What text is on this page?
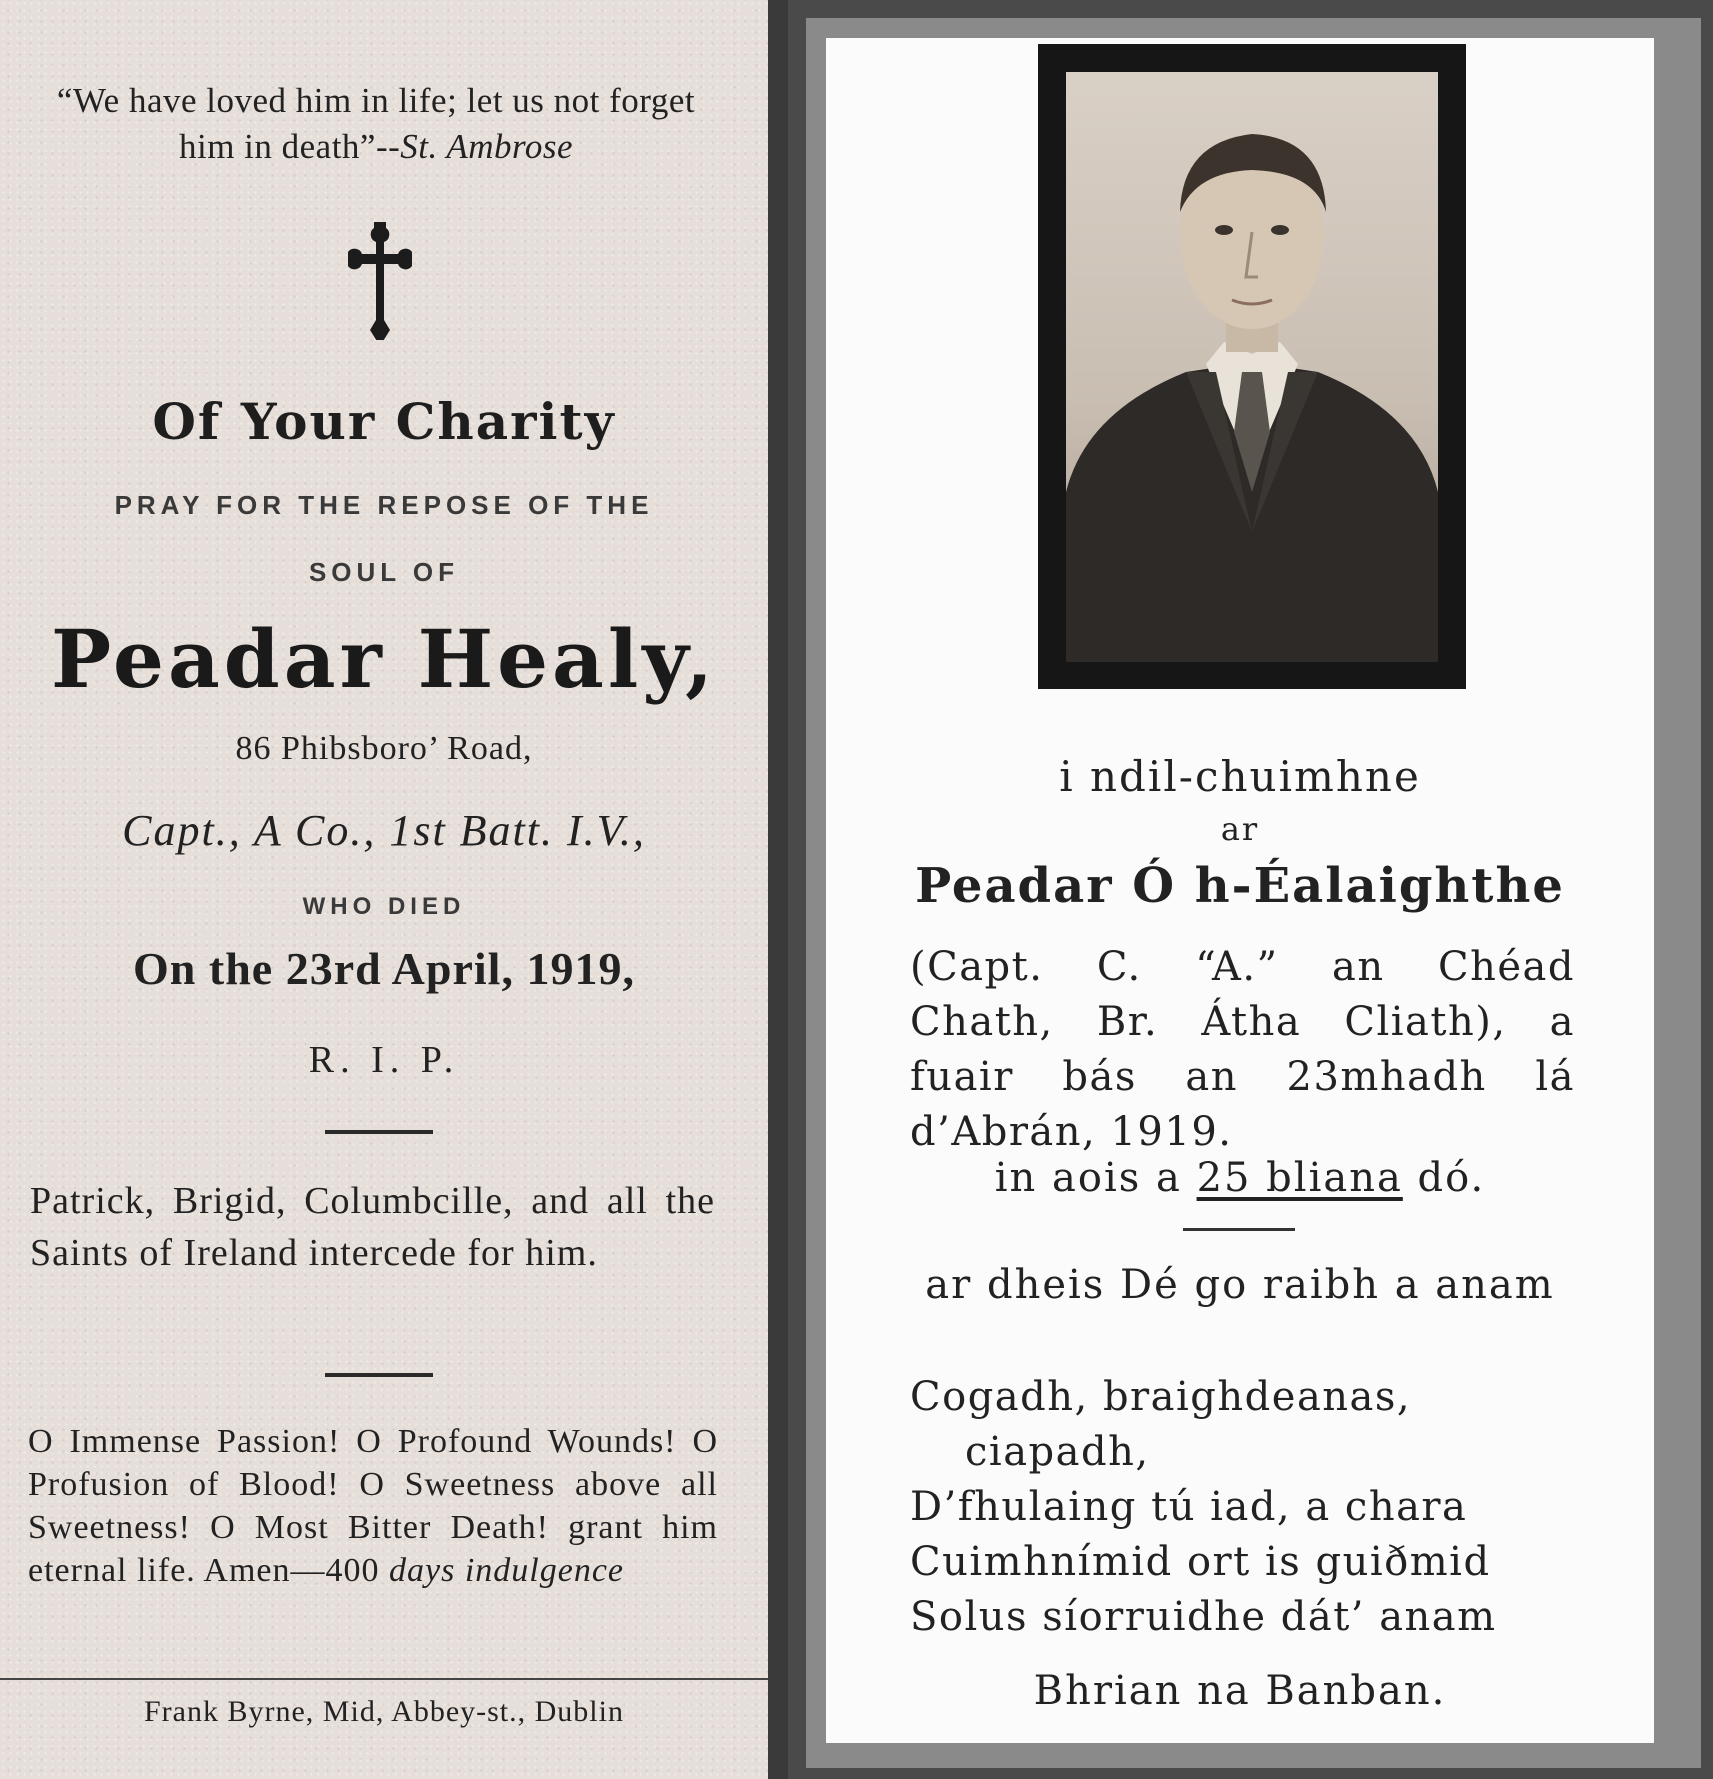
“We have loved him in life; let us not forget him in death”--St. Ambrose
Of Your Charity
PRAY FOR THE REPOSE OF THE
SOUL OF
Peadar Healy,
86 Phibsboro’ Road,
Capt., A Co., 1st Batt. I.V.,
WHO DIED
On the 23rd April, 1919,
R. I. P.
Patrick, Brigid, Columbcille, and all the Saints of Ireland intercede for him.
O Immense Passion! O Profound Wounds! O Profusion of Blood! O Sweetness above all Sweetness! O Most Bitter Death! grant him eternal life. Amen—400 days indulgence
Frank Byrne, Mid, Abbey-st., Dublin
i ndil-chuimhne
ar
Peadar Ó h-Éalaighthe
(Capt. C. “A.” an Chéad Chath, Br. Átha Cliath), a fuair bás an 23mhadh lá d’Abrán, 1919.
in aois a 25 bliana dó.
ar dheis Dé go raibh a anam
Cogadh, braighdeanas,
ciapadh,
D’fhulaing tú iad, a chara
Cuimhnímid ort is guiðmid
Solus síorruidhe dát’ anam
Bhrian na Banban.
